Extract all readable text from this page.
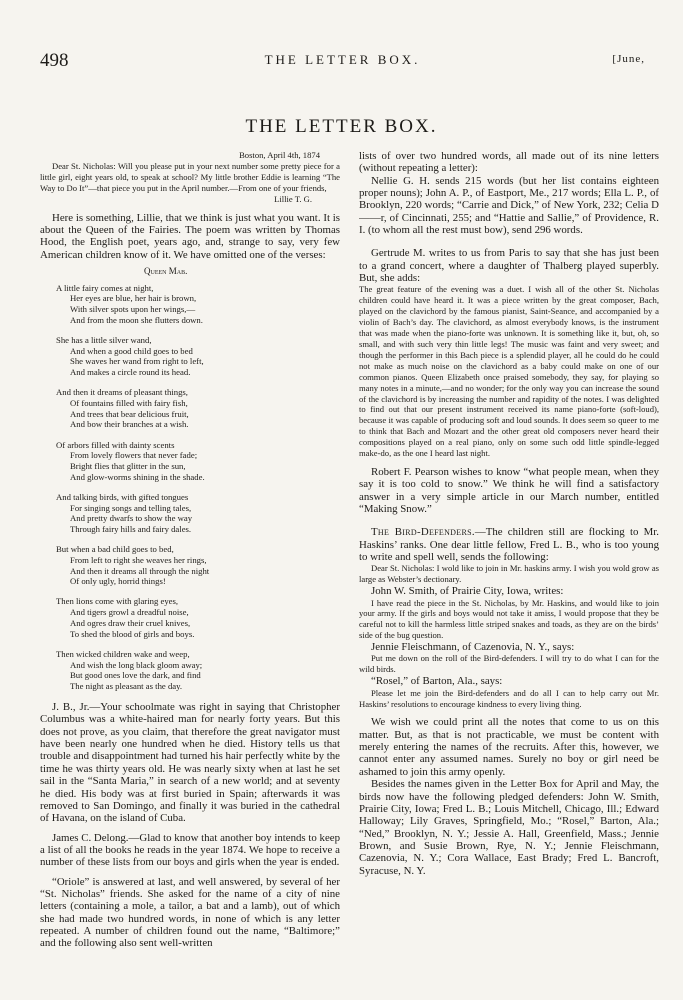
498	THE LETTER BOX.	[June,
THE LETTER BOX.

Boston, April 4th, 1874

Dear St. Nicholas: Will you please put in your next number some pretty piece for a little girl, eight years old, to speak at school? My little brother Eddie is learning “The Way to Do It”—that piece you put in the April number.—From one of your friends,

Lillie T. G.

Here is something, Lillie, that we think is just what you want. It is about the Queen of the Fairies. The poem was written by Thomas Hood, the English poet, years ago, and, strange to say, very few American children know of it. We have omitted one of the verses:

Queen Mab.
A little fairy comes at night,
Her eyes are blue, her hair is brown,
With silver spots upon her wings,—
And from the moon she flutters down.
She has a little silver wand,
And when a good child goes to bed
She waves her wand from right to left,
And makes a circle round its head.
And then it dreams of pleasant things,
Of fountains filled with fairy fish,
And trees that bear delicious fruit,
And bow their branches at a wish.
Of arbors filled with dainty scents
From lovely flowers that never fade;
Bright flies that glitter in the sun,
And glow-worms shining in the shade.
And talking birds, with gifted tongues
For singing songs and telling tales,
And pretty dwarfs to show the way
Through fairy hills and fairy dales.
But when a bad child goes to bed,
From left to right she weaves her rings,
And then it dreams all through the night
Of only ugly, horrid things!
Then lions come with glaring eyes,
And tigers growl a dreadful noise,
And ogres draw their cruel knives,
To shed the blood of girls and boys.
Then wicked children wake and weep,
And wish the long black gloom away;
But good ones love the dark, and find
The night as pleasant as the day.

J. B., Jr.—Your schoolmate was right in saying that Christopher Columbus was a white-haired man for nearly forty years. But this does not prove, as you claim, that therefore the great navigator must have been nearly one hundred when he died. History tells us that trouble and disappointment had turned his hair perfectly white by the time he was thirty years old. He was nearly sixty when at last he set sail in the “Santa Maria,” in search of a new world; and at seventy he died. His body was at first buried in Spain; afterwards it was removed to San Domingo, and finally it was buried in the cathedral of Havana, on the island of Cuba.

James C. Delong.—Glad to know that another boy intends to keep a list of all the books he reads in the year 1874. We hope to receive a number of these lists from our boys and girls when the year is ended.

“Oriole” is answered at last, and well answered, by several of her “St. Nicholas” friends. She asked for the name of a city of nine letters (containing a mole, a tailor, a bat and a lamb), out of which she had made two hundred words, in none of which is any letter repeated. A number of children found out the name, “Baltimore;” and the following also sent well-written

lists of over two hundred words, all made out of its nine letters (without repeating a letter):

Nellie G. H. sends 215 words (but her list contains eighteen proper nouns); John A. P., of Eastport, Me., 217 words; Ella L. P., of Brooklyn, 220 words; “Carrie and Dick,” of New York, 232; Celia D——r, of Cincinnati, 255; and “Hattie and Sallie,” of Providence, R. I. (to whom all the rest must bow), send 296 words.

Gertrude M. writes to us from Paris to say that she has just been to a grand concert, where a daughter of Thalberg played superbly. But, she adds:

The great feature of the evening was a duet. I wish all of the other St. Nicholas children could have heard it. It was a piece written by the great composer, Bach, played on the clavichord by the famous pianist, Saint-Seance, and accompanied by a violin of Bach’s day. The clavichord, as almost everybody knows, is the instrument that was made when the piano-forte was unknown. It is something like it, but, oh, so small, and with such very thin little legs! The music was faint and very sweet; and though the performer in this Bach piece is a splendid player, all he could do he could not make as much noise on the clavichord as a baby could make on one of our common pianos. Queen Elizabeth once praised somebody, they say, for playing so many notes in a minute,—and no wonder; for the only way you can increase the sound of the clavichord is by increasing the number and rapidity of the notes. I was delighted to find out that our present instrument received its name piano-forte (soft-loud), because it was capable of producing soft and loud sounds. It does seem so queer to me to think that Bach and Mozart and the other great old composers never heard their compositions played on a real piano, only on some such odd little spindle-legged make-do, as the one I heard last night.

Robert F. Pearson wishes to know “what people mean, when they say it is too cold to snow.” We think he will find a satisfactory answer in a very simple article in our March number, entitled “Making Snow.”

The Bird-Defenders.—The children still are flocking to Mr. Haskins’ ranks. One dear little fellow, Fred L. B., who is too young to write and spell well, sends the following:

Dear St. Nicholas: I wold like to join in Mr. haskins army. I wish you wold grow as large as Webster’s dectionary.

John W. Smith, of Prairie City, Iowa, writes:

I have read the piece in the St. Nicholas, by Mr. Haskins, and would like to join your army. If the girls and boys would not take it amiss, I would propose that they be careful not to kill the harmless little striped snakes and toads, as they are on the birds’ side of the bug question.

Jennie Fleischmann, of Cazenovia, N. Y., says:

Put me down on the roll of the Bird-defenders. I will try to do what I can for the wild birds.

“Rosel,” of Barton, Ala., says:

Please let me join the Bird-defenders and do all I can to help carry out Mr. Haskins’ resolutions to encourage kindness to every living thing.

We wish we could print all the notes that come to us on this matter. But, as that is not practicable, we must be content with merely entering the names of the recruits. After this, however, we cannot enter any assumed names. Surely no boy or girl need be ashamed to join this army openly.

Besides the names given in the Letter Box for April and May, the birds now have the following pledged defenders: John W. Smith, Prairie City, Iowa; Fred L. B.; Louis Mitchell, Chicago, Ill.; Edward Halloway; Lily Graves, Springfield, Mo.; “Rosel,” Barton, Ala.; “Ned,” Brooklyn, N. Y.; Jessie A. Hall, Greenfield, Mass.; Jennie Brown, and Susie Brown, Rye, N. Y.; Jennie Fleischmann, Cazenovia, N. Y.; Cora Wallace, East Brady; Fred L. Bancroft, Syracuse, N. Y.
